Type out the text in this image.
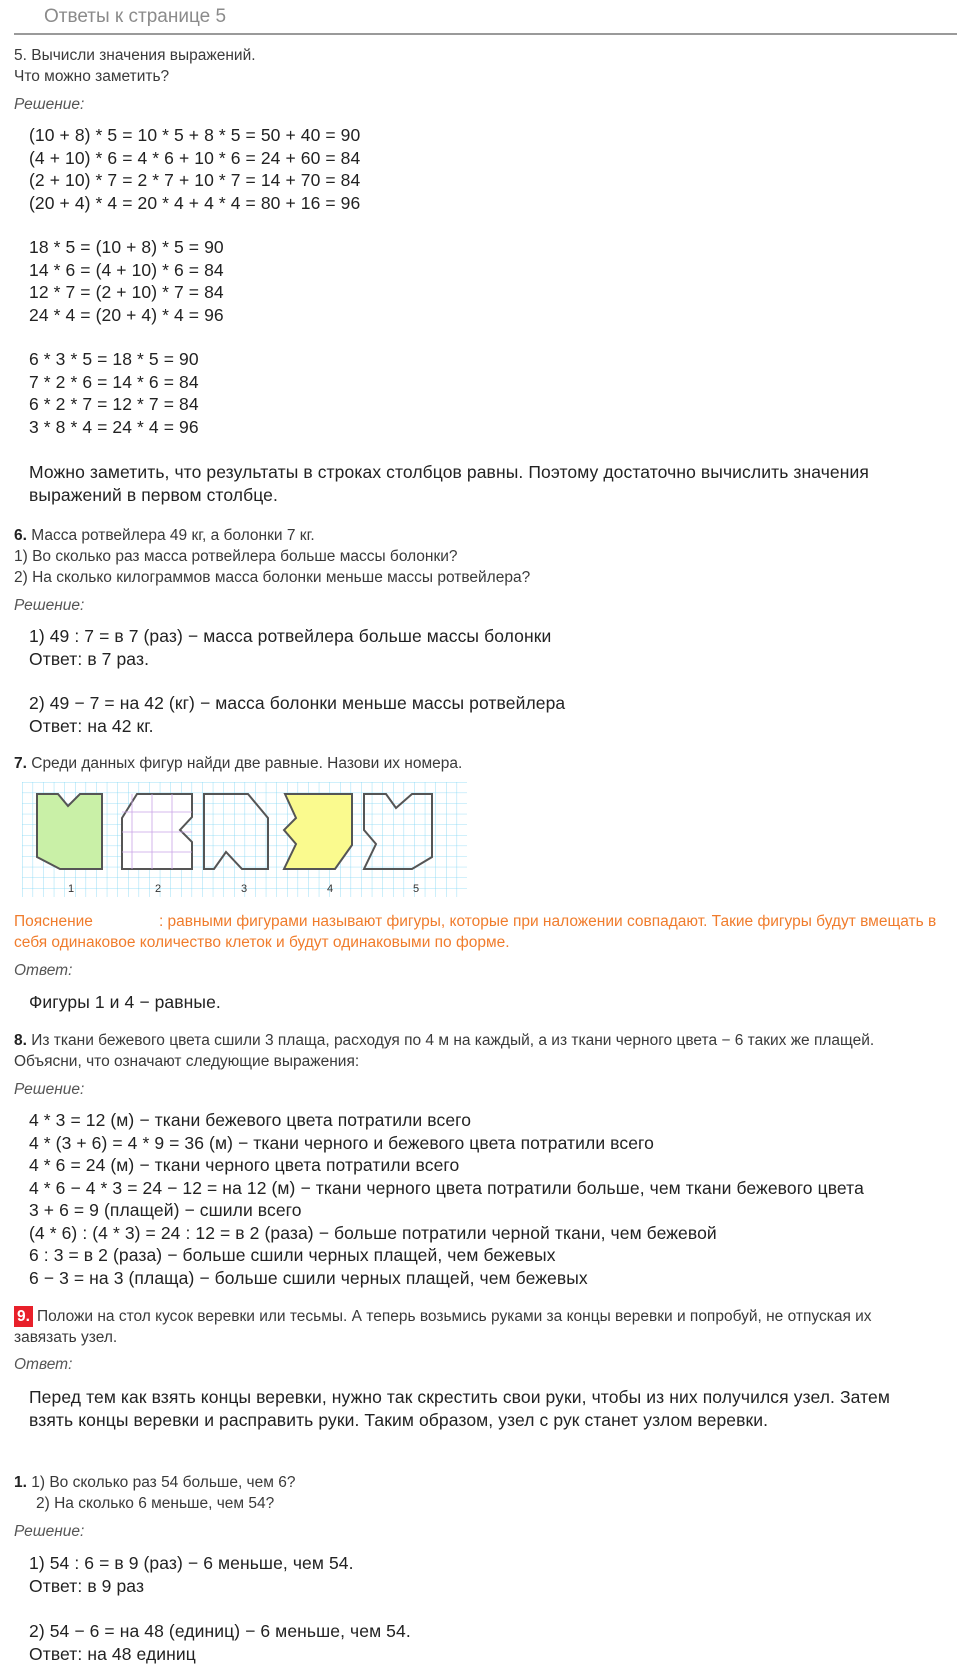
Ответы к странице 5
5. Вычисли значения выражений.
Что можно заметить?
Решение:
(10 + 8) * 5 = 10 * 5 + 8 * 5 = 50 + 40 = 90
(4 + 10) * 6 = 4 * 6 + 10 * 6 = 24 + 60 = 84
(2 + 10) * 7 = 2 * 7 + 10 * 7 = 14 + 70 = 84
(20 + 4) * 4 = 20 * 4 + 4 * 4 = 80 + 16 = 96
18 * 5 = (10 + 8) * 5 = 90
14 * 6 = (4 + 10) * 6 = 84
12 * 7 = (2 + 10) * 7 = 84
24 * 4 = (20 + 4) * 4 = 96
6 * 3 * 5 = 18 * 5 = 90
7 * 2 * 6 = 14 * 6 = 84
6 * 2 * 7 = 12 * 7 = 84
3 * 8 * 4 = 24 * 4 = 96
Можно заметить, что результаты в строках столбцов равны. Поэтому достаточно вычислить значения
выражений в первом столбце.
6. Масса ротвейлера 49 кг, а болонки 7 кг.
1) Во сколько раз масса ротвейлера больше массы болонки?
2) На сколько килограммов масса болонки меньше массы ротвейлера?
Решение:
1) 49 : 7 = в 7 (раз) − масса ротвейлера больше массы болонки
Ответ: в 7 раз.
2) 49 − 7 = на 42 (кг) − масса болонки меньше массы ротвейлера
Ответ: на 42 кг.
7. Среди данных фигур найди две равные. Назови их номера.
1	2	3	4	5
Пояснение	: равными фигурами называют фигуры, которые при наложении совпадают. Такие фигуры будут вмещать в себя одинаковое количество клеток и будут одинаковыми по форме.
Ответ:
Фигуры 1 и 4 − равные.
8. Из ткани бежевого цвета сшили 3 плаща, расходуя по 4 м на каждый, а из ткани черного цвета − 6 таких же плащей.
Объясни, что означают следующие выражения:
Решение:
4 * 3 = 12 (м) − ткани бежевого цвета потратили всего
4 * (3 + 6) = 4 * 9 = 36 (м) − ткани черного и бежевого цвета потратили всего
4 * 6 = 24 (м) − ткани черного цвета потратили всего
4 * 6 − 4 * 3 = 24 − 12 = на 12 (м) − ткани черного цвета потратили больше, чем ткани бежевого цвета
3 + 6 = 9 (плащей) − сшили всего
(4 * 6) : (4 * 3) = 24 : 12 = в 2 (раза) − больше потратили черной ткани, чем бежевой
6 : 3 = в 2 (раза) − больше сшили черных плащей, чем бежевых
6 − 3 = на 3 (плаща) − больше сшили черных плащей, чем бежевых
9. Положи на стол кусок веревки или тесьмы. А теперь возьмись руками за концы веревки и попробуй, не отпуская их
завязать узел.
Ответ:
Перед тем как взять концы веревки, нужно так скрестить свои руки, чтобы из них получился узел. Затем
взять концы веревки и расправить руки. Таким образом, узел с рук станет узлом веревки.
1. 1) Во сколько раз 54 больше, чем 6?
2) На сколько 6 меньше, чем 54?
Решение:
1) 54 : 6 = в 9 (раз) − 6 меньше, чем 54.
Ответ: в 9 раз
2) 54 − 6 = на 48 (единиц) − 6 меньше, чем 54.
Ответ: на 48 единиц
